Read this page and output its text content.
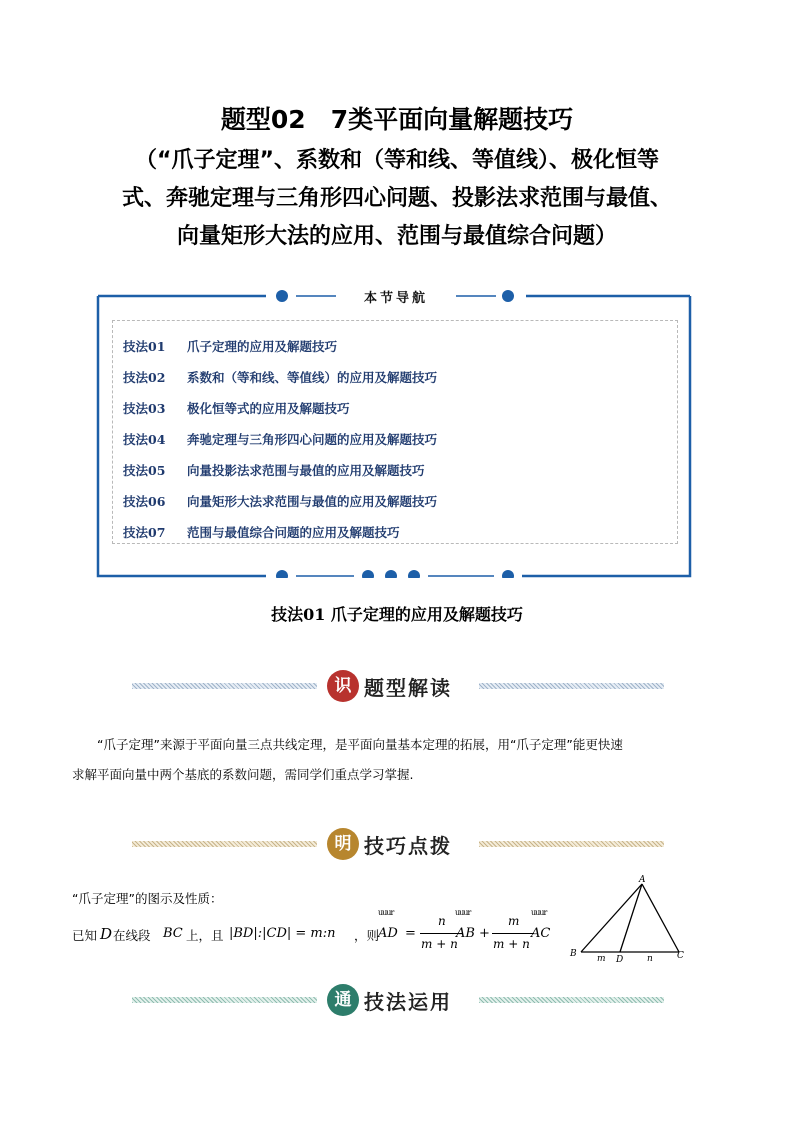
题型02　7类平面向量解题技巧
（“爪子定理”、系数和（等和线、等值线）、极化恒等
式、奔驰定理与三角形四心问题、投影法求范围与最值、
向量矩形大法的应用、范围与最值综合问题）
本节导航
技法01 爪子定理的应用及解题技巧
技法02 系数和（等和线、等值线）的应用及解题技巧
技法03 极化恒等式的应用及解题技巧
技法04 奔驰定理与三角形四心问题的应用及解题技巧
技法05 向量投影法求范围与最值的应用及解题技巧
技法06 向量矩形大法求范围与最值的应用及解题技巧
技法07 范围与最值综合问题的应用及解题技巧
技法01 爪子定理的应用及解题技巧
识 题型解读

“爪子定理”来源于平面向量三点共线定理，是平面向量基本定理的拓展，用“爪子定理”能更快速

求解平面向量中两个基底的系数问题，需同学们重点学习掌握.

明 技巧点拨

“爪子定理”的图示及性质：

已知 D 在线段 BC 上，且 |BD|:|CD| = m:n ，则
uuur
AD =
n
m + n
uuur
AB +
m
m + n
uuur
AC
A
B	C
D
m	n
通 技法运用
